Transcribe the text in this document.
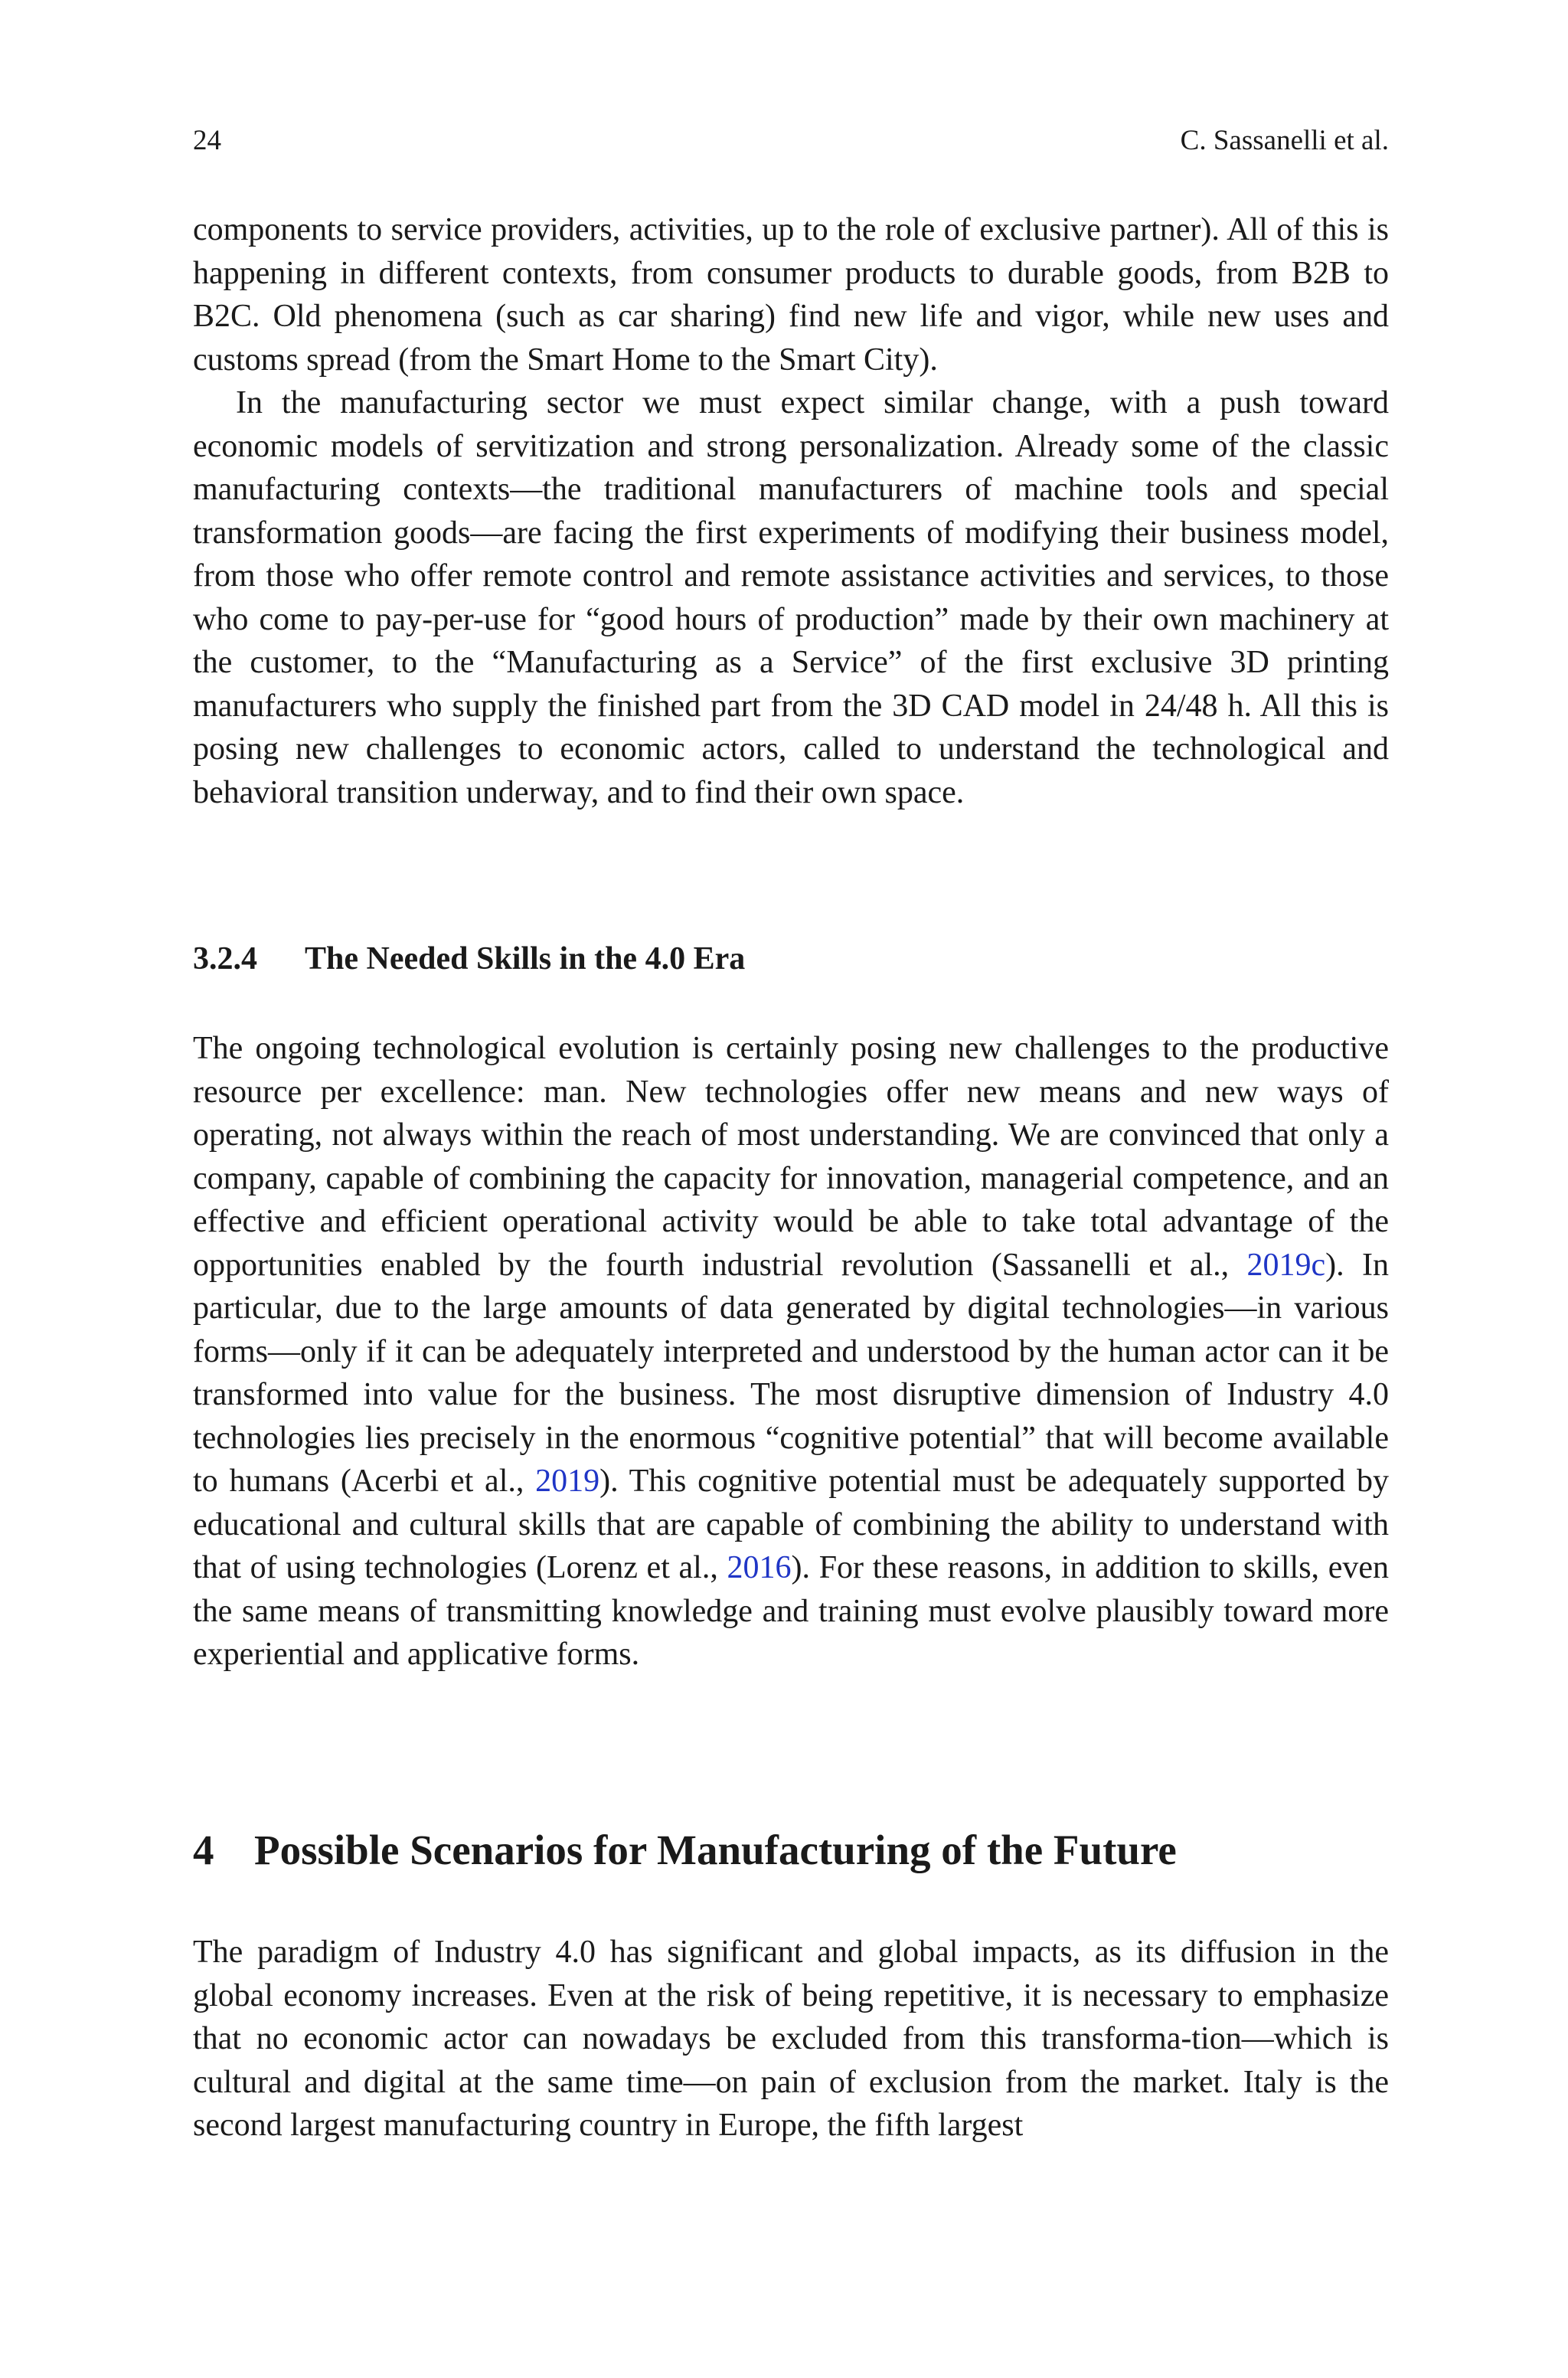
24	C. Sassanelli et al.

components to service providers, activities, up to the role of exclusive partner). All of this is happening in different contexts, from consumer products to durable goods, from B2B to B2C. Old phenomena (such as car sharing) find new life and vigor, while new uses and customs spread (from the Smart Home to the Smart City).

In the manufacturing sector we must expect similar change, with a push toward economic models of servitization and strong personalization. Already some of the classic manufacturing contexts—the traditional manufacturers of machine tools and special transformation goods—are facing the first experiments of modifying their business model, from those who offer remote control and remote assistance activities and services, to those who come to pay-per-use for “good hours of production” made by their own machinery at the customer, to the “Manufacturing as a Service” of the first exclusive 3D printing manufacturers who supply the finished part from the 3D CAD model in 24/48 h. All this is posing new challenges to economic actors, called to understand the technological and behavioral transition underway, and to find their own space.

3.2.4	The Needed Skills in the 4.0 Era

The ongoing technological evolution is certainly posing new challenges to the productive resource per excellence: man. New technologies offer new means and new ways of operating, not always within the reach of most understanding. We are convinced that only a company, capable of combining the capacity for innovation, managerial competence, and an effective and efficient operational activity would be able to take total advantage of the opportunities enabled by the fourth industrial revolution (Sassanelli et al., 2019c). In particular, due to the large amounts of data generated by digital technologies—in various forms—only if it can be adequately interpreted and understood by the human actor can it be transformed into value for the business. The most disruptive dimension of Industry 4.0 technologies lies precisely in the enormous “cognitive potential” that will become available to humans (Acerbi et al., 2019). This cognitive potential must be adequately supported by educational and cultural skills that are capable of combining the ability to understand with that of using technologies (Lorenz et al., 2016). For these reasons, in addition to skills, even the same means of transmitting knowledge and training must evolve plausibly toward more experiential and applicative forms.

4 Possible Scenarios for Manufacturing of the Future

The paradigm of Industry 4.0 has significant and global impacts, as its diffusion in the global economy increases. Even at the risk of being repetitive, it is necessary to emphasize that no economic actor can nowadays be excluded from this transforma-tion—which is cultural and digital at the same time—on pain of exclusion from the market. Italy is the second largest manufacturing country in Europe, the fifth largest
